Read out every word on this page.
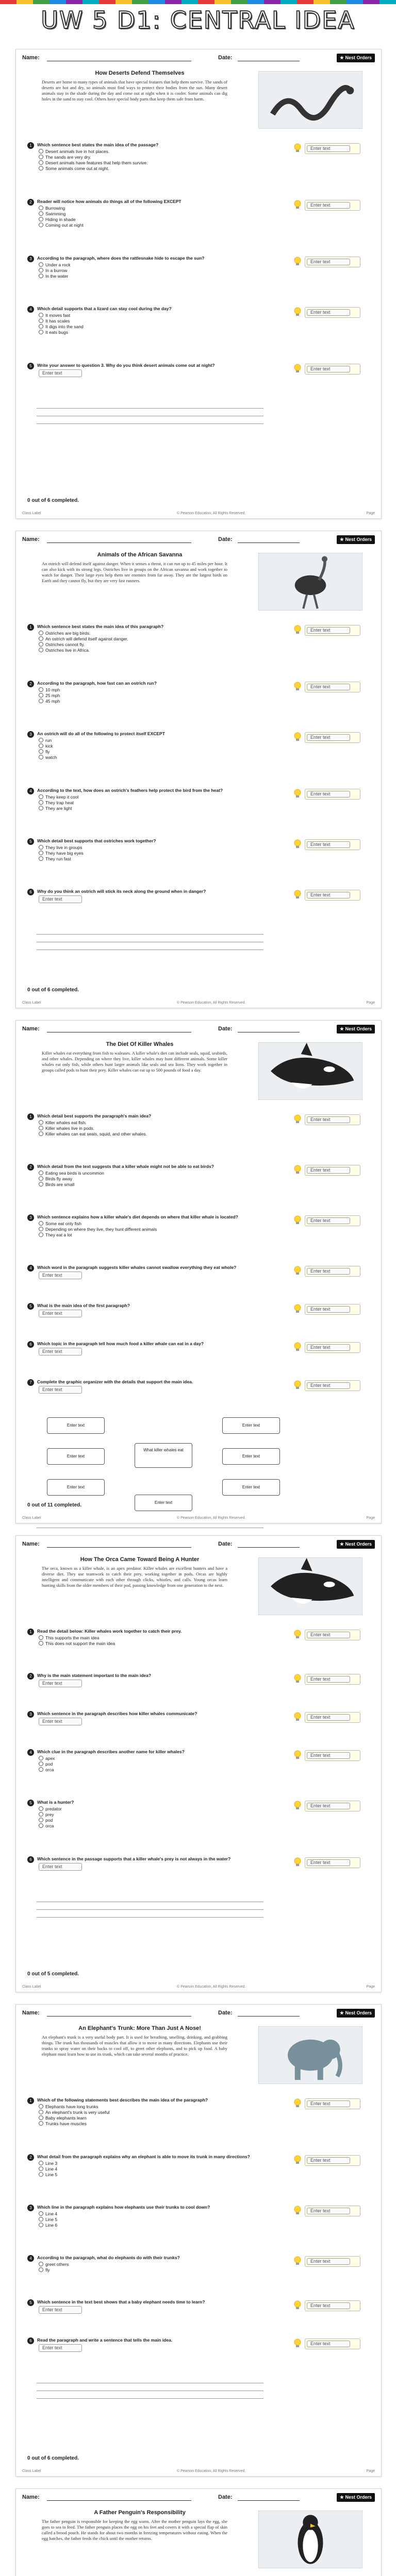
UW 5 D1: CENTRAL IDEA
Name:	Date:	★ Nest Orders
How Deserts Defend Themselves
Deserts are home to many types of animals that have special features that help them survive. The sands of deserts are hot and dry, so animals must find ways to protect their bodies from the sun. Many desert animals stay in the shade during the day and come out at night when it is cooler. Some animals can dig holes in the sand to stay cool. Others have special body parts that keep them safe from harm.
1 Which sentence best states the main idea of the passage?
Desert animals live in hot places.
The sands are very dry.
Desert animals have features that help them survive.
Some animals come out at night.
Enter text
2 Reader will notice how animals do things all of the following EXCEPT
Burrowing
Swimming
Hiding in shade
Coming out at night
Enter text
3 According to the paragraph, where does the rattlesnake hide to escape the sun?
Under a rock
In a burrow
In the water
Enter text
4 Which detail supports that a lizard can stay cool during the day?
It moves fast
It has scales
It digs into the sand
It eats bugs
Enter text
5 Write your answer to question 3. Why do you think desert animals come out at night?
Enter text
Enter text
0 out of 6 completed.
Class Label	© Pearson Education, All Rights Reserved.	Page
Name:	Date:	★ Nest Orders
Animals of the African Savanna
An ostrich will defend itself against danger. When it senses a threat, it can run up to 45 miles per hour. It can also kick with its strong legs. Ostriches live in groups on the African savanna and work together to watch for danger. Their large eyes help them see enemies from far away. They are the largest birds on Earth and they cannot fly, but they are very fast runners.
1 Which sentence best states the main idea of this paragraph?
Ostriches are big birds.
An ostrich will defend itself against danger.
Ostriches cannot fly.
Ostriches live in Africa.
Enter text
2 According to the paragraph, how fast can an ostrich run?
10 mph
25 mph
45 mph
Enter text
3 An ostrich will do all of the following to protect itself EXCEPT
run
kick
fly
watch
Enter text
4 According to the text, how does an ostrich's feathers help protect the bird from the heat?
They keep it cool
They trap heat
They are light
Enter text
5 Which detail best supports that ostriches work together?
They live in groups
They have big eyes
They run fast
Enter text
6 Why do you think an ostrich will stick its neck along the ground when in danger?
Enter text
Enter text
0 out of 6 completed.
Class Label	© Pearson Education, All Rights Reserved.	Page
Name:	Date:	★ Nest Orders
The Diet Of Killer Whales
Killer whales eat everything from fish to walruses. A killer whale's diet can include seals, squid, seabirds, and other whales. Depending on where they live, killer whales may hunt different animals. Some killer whales eat only fish, while others hunt larger animals like seals and sea lions. They work together in groups called pods to hunt their prey. Killer whales can eat up to 500 pounds of food a day.
1 Which detail best supports the paragraph's main idea?
Killer whales eat fish.
Killer whales live in pods.
Killer whales can eat seals, squid, and other whales.
Enter text
2 Which detail from the text suggests that a killer whale might not be able to eat birds?
Eating sea birds is uncommon
Birds fly away
Birds are small
Enter text
3 Which sentence explains how a killer whale's diet depends on where that killer whale is located?
Some eat only fish
Depending on where they live, they hunt different animals
They eat a lot
Enter text
4 Which word in the paragraph suggests killer whales cannot swallow everything they eat whole?
Enter text
Enter text
5 What is the main idea of the first paragraph?
Enter text
Enter text
6 Which topic in the paragraph tell how much food a killer whale can eat in a day?
Enter text
Enter text
7 Complete the graphic organizer with the details that support the main idea.
Enter text
Enter text
What killer whales eat
Enter text	Enter text
Enter text	Enter text
Enter text	Enter text
Enter text
0 out of 11 completed.
Class Label	© Pearson Education, All Rights Reserved.	Page
Name:	Date:	★ Nest Orders
How The Orca Came Toward Being A Hunter
The orca, known as a killer whale, is an apex predator. Killer whales are excellent hunters and have a diverse diet. They use teamwork to catch their prey, working together in pods. Orcas are highly intelligent and communicate with each other through clicks, whistles, and calls. Young orcas learn hunting skills from the older members of their pod, passing knowledge from one generation to the next.
1 Read the detail below: Killer whales work together to catch their prey.
This supports the main idea
This does not support the main idea
Enter text
2 Why is the main statement important to the main idea?
Enter text
Enter text
3 Which sentence in the paragraph describes how killer whales communicate?
Enter text
Enter text
4 Which clue in the paragraph describes another name for killer whales?
apex
pod
orca
Enter text
5 What is a hunter?
predator
prey
pod
orca
Enter text
6 Which sentence in the passage supports that a killer whale's prey is not always in the water?
Enter text
Enter text
0 out of 5 completed.
Class Label	© Pearson Education, All Rights Reserved.	Page
Name:	Date:	★ Nest Orders
An Elephant's Trunk: More Than Just A Nose!
An elephant's trunk is a very useful body part. It is used for breathing, smelling, drinking, and grabbing things. The trunk has thousands of muscles that allow it to move in many directions. Elephants use their trunks to spray water on their backs to cool off, to greet other elephants, and to pick up food. A baby elephant must learn how to use its trunk, which can take several months of practice.
1 Which of the following statements best describes the main idea of the paragraph?
Elephants have long trunks
An elephant's trunk is very useful
Baby elephants learn
Trunks have muscles
Enter text
2 What detail from the paragraph explains why an elephant is able to move its trunk in many directions?
Line 3
Line 4
Line 5
Enter text
3 Which line in the paragraph explains how elephants use their trunks to cool down?
Line 4
Line 5
Line 6
Enter text
4 According to the paragraph, what do elephants do with their trunks?
greet others
fly
Enter text
5 Which sentence in the text best shows that a baby elephant needs time to learn?
Enter text
Enter text
6 Read the paragraph and write a sentence that tells the main idea.
Enter text
Enter text
0 out of 6 completed.
Class Label	© Pearson Education, All Rights Reserved.	Page
Name:	Date:	★ Nest Orders
A Father Penguin's Responsibility
The father penguin is responsible for keeping the egg warm. After the mother penguin lays the egg, she goes to sea to feed. The father penguin places the egg on his feet and covers it with a special flap of skin called a brood pouch. He stands for about two months in freezing temperatures without eating. When the egg hatches, the father feeds the chick until the mother returns.
